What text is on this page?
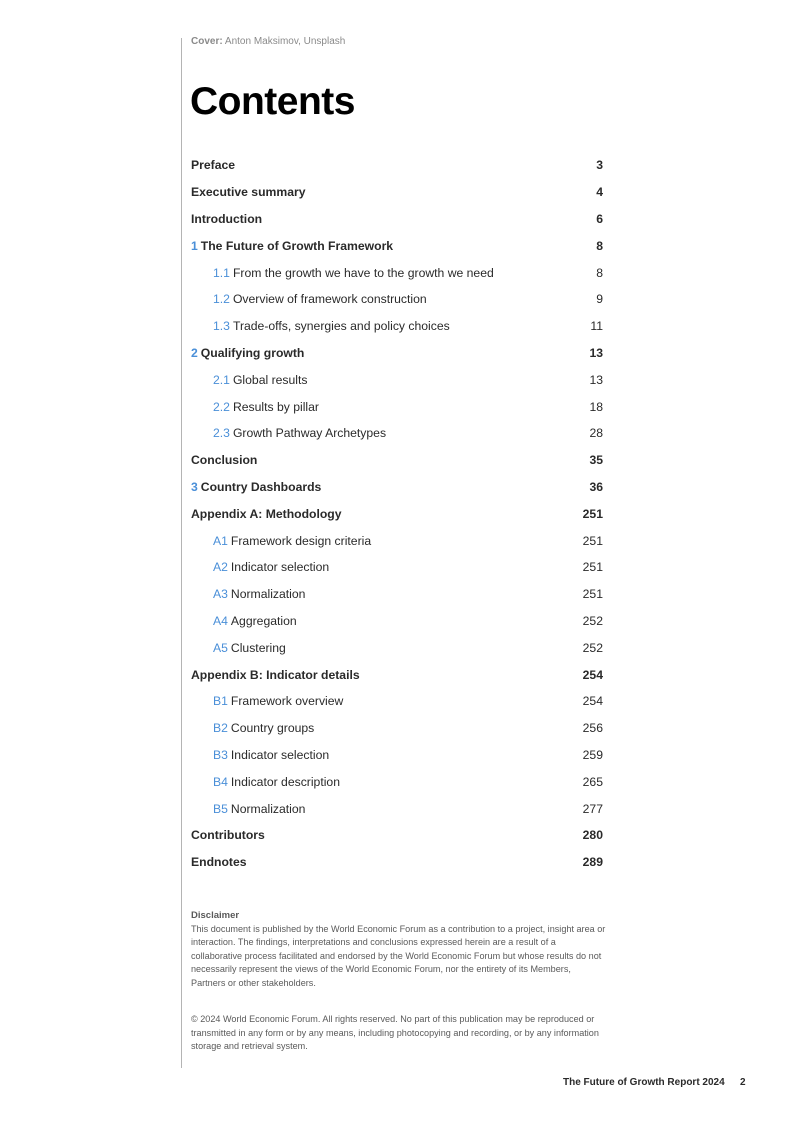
Cover: Anton Maksimov, Unsplash
Contents
Preface	3
Executive summary	4
Introduction	6
1 The Future of Growth Framework	8
1.1 From the growth we have to the growth we need	8
1.2 Overview of framework construction	9
1.3 Trade-offs, synergies and policy choices	11
2 Qualifying growth	13
2.1 Global results	13
2.2 Results by pillar	18
2.3 Growth Pathway Archetypes	28
Conclusion	35
3 Country Dashboards	36
Appendix A: Methodology	251
A1 Framework design criteria	251
A2 Indicator selection	251
A3 Normalization	251
A4 Aggregation	252
A5 Clustering	252
Appendix B: Indicator details	254
B1 Framework overview	254
B2 Country groups	256
B3 Indicator selection	259
B4 Indicator description	265
B5 Normalization	277
Contributors	280
Endnotes	289
Disclaimer

This document is published by the World Economic Forum as a contribution to a project, insight area or interaction. The findings, interpretations and conclusions expressed herein are a result of a collaborative process facilitated and endorsed by the World Economic Forum but whose results do not necessarily represent the views of the World Economic Forum, nor the entirety of its Members, Partners or other stakeholders.

© 2024 World Economic Forum. All rights reserved. No part of this publication may be reproduced or transmitted in any form or by any means, including photocopying and recording, or by any information storage and retrieval system.

The Future of Growth Report 2024 2
